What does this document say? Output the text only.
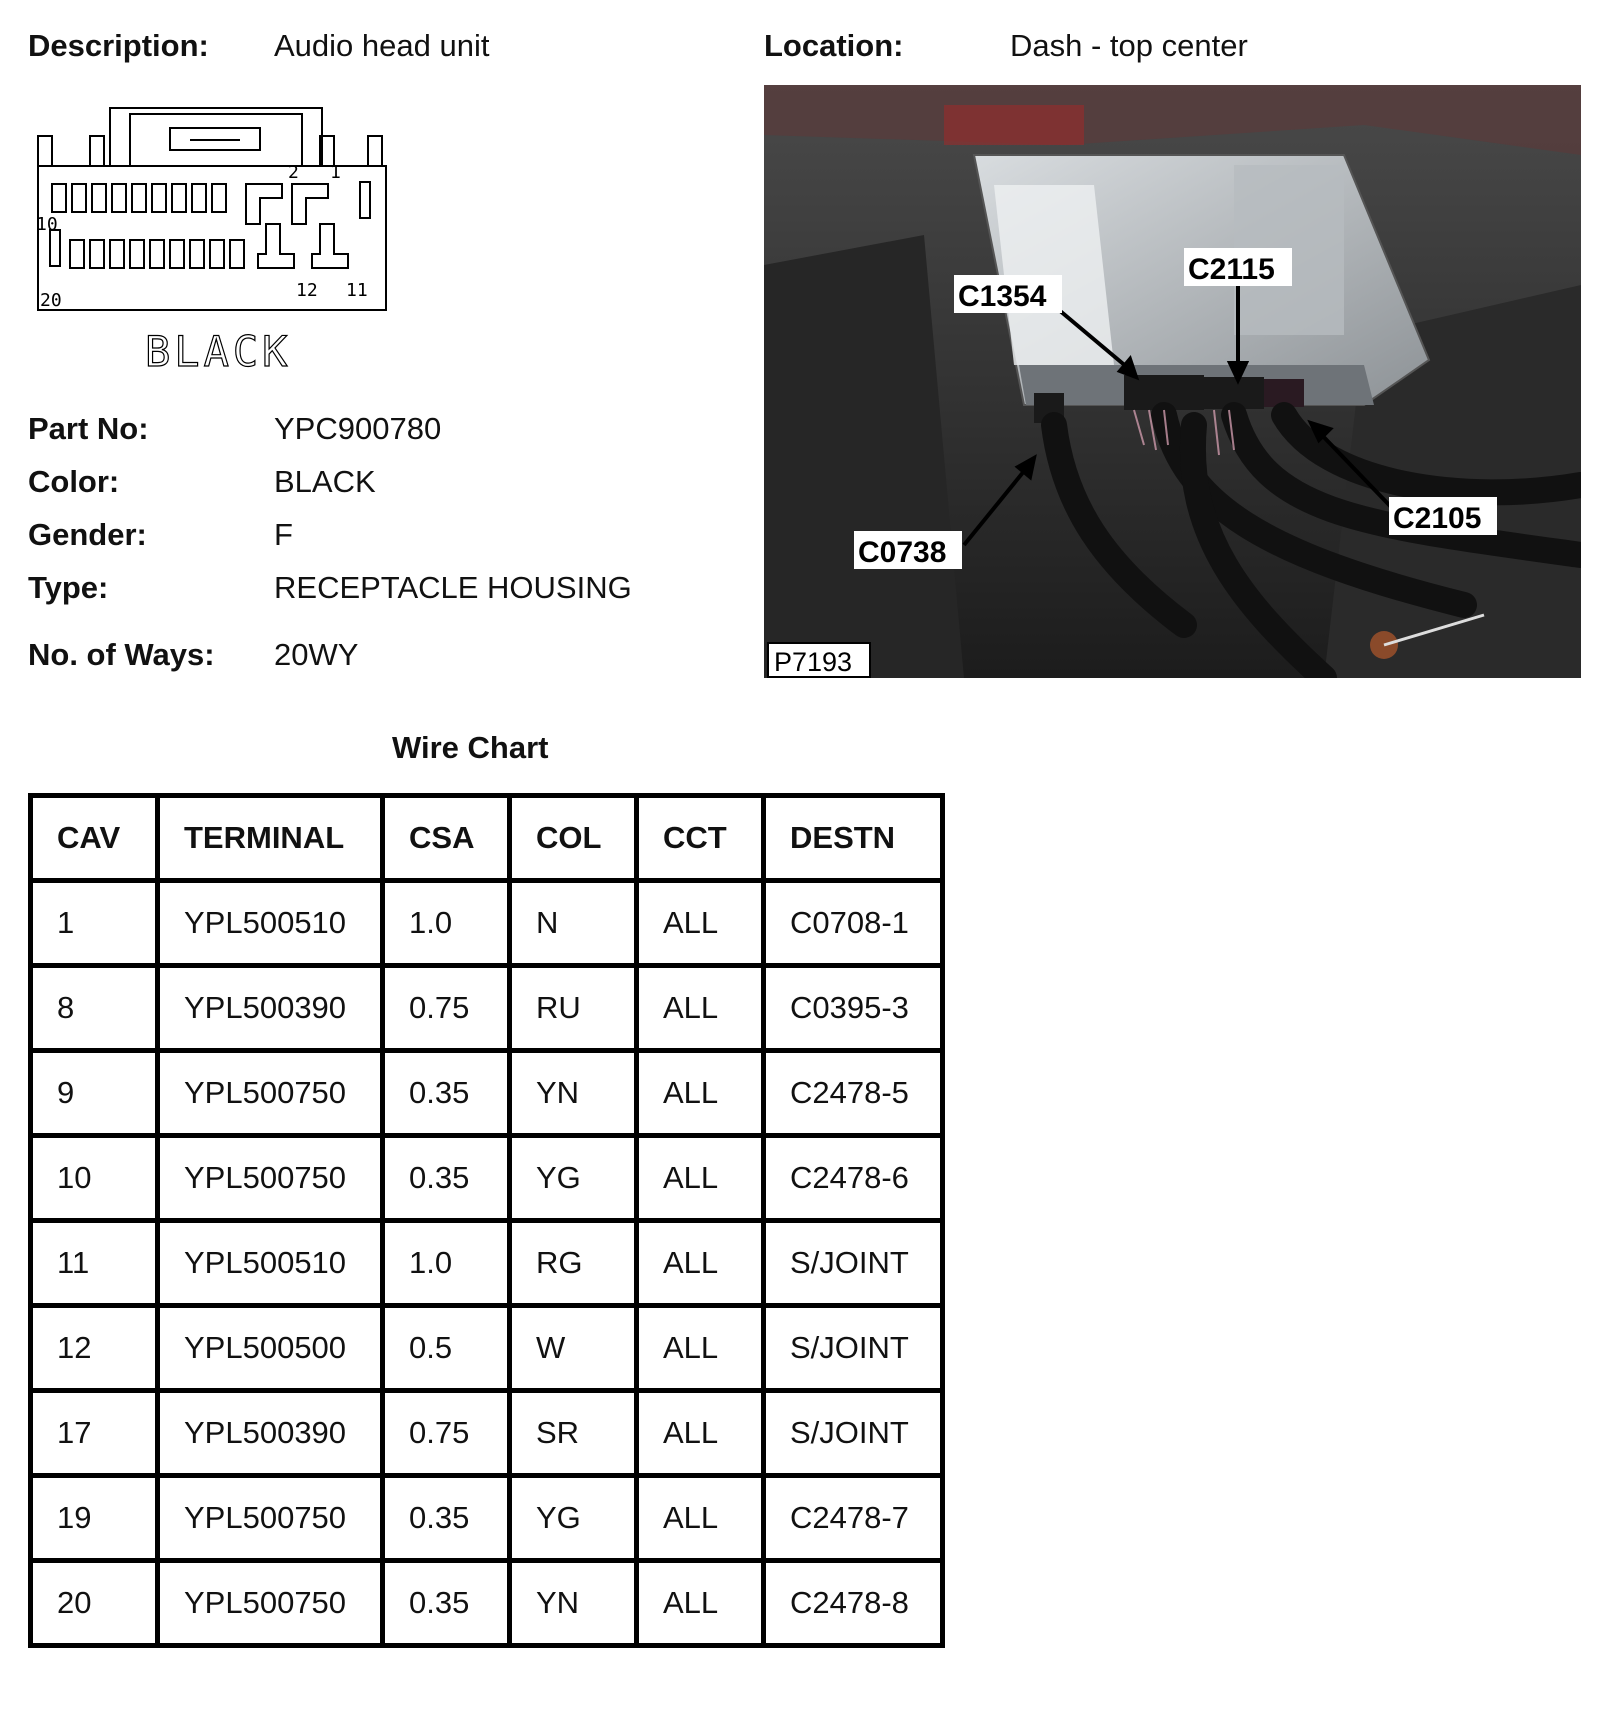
Description: Audio head unit	Location:	Dash - top center
2 1
10
20	12 11
BLACK
C1354
C2115
C0738
C2105
P7193
Part No:	YPC900780
Color:	BLACK
Gender:	F
Type:	RECEPTACLE HOUSING
No. of Ways: 20WY
Wire Chart
CAV	TERMINAL	CSA	COL	CCT	DESTN
1	YPL500510	1.0	N	ALL	C0708-1
8	YPL500390	0.75	RU	ALL	C0395-3
9	YPL500750	0.35	YN	ALL	C2478-5
10	YPL500750	0.35	YG	ALL	C2478-6
11	YPL500510	1.0	RG	ALL	S/JOINT
12	YPL500500	0.5	W	ALL	S/JOINT
17	YPL500390	0.75	SR	ALL	S/JOINT
19	YPL500750	0.35	YG	ALL	C2478-7
20	YPL500750	0.35	YN	ALL	C2478-8
